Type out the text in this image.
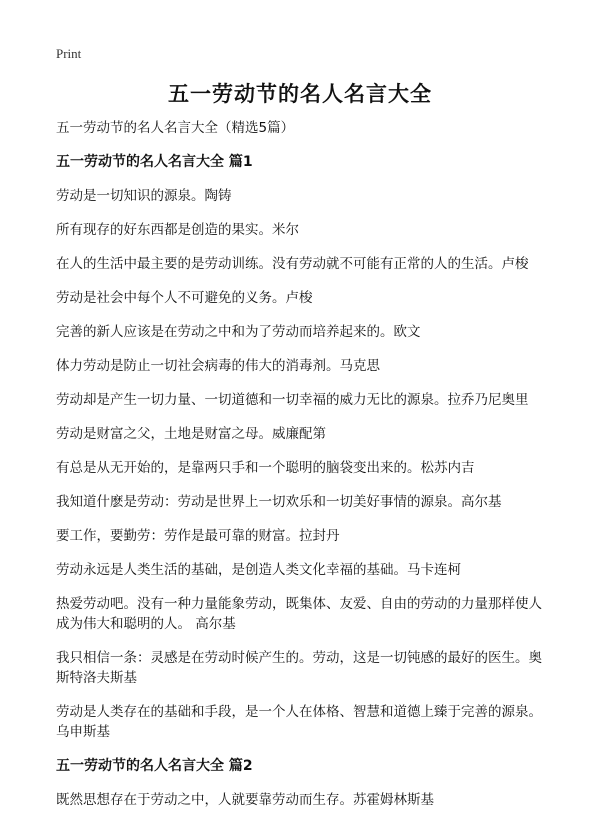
Print
五一劳动节的名人名言大全

五一劳动节的名人名言大全（精选5篇）

五一劳动节的名人名言大全 篇1

劳动是一切知识的源泉。陶铸

所有现存的好东西都是创造的果实。米尔

在人的生活中最主要的是劳动训练。没有劳动就不可能有正常的人的生活。卢梭

劳动是社会中每个人不可避免的义务。卢梭

完善的新人应该是在劳动之中和为了劳动而培养起来的。欧文

体力劳动是防止一切社会病毒的伟大的消毒剂。马克思

劳动却是产生一切力量、一切道德和一切幸福的威力无比的源泉。拉乔乃尼奥里

劳动是财富之父，土地是财富之母。威廉配第

有总是从无开始的，是靠两只手和一个聪明的脑袋变出来的。松苏内吉

我知道什麽是劳动：劳动是世界上一切欢乐和一切美好事情的源泉。高尔基

要工作，要勤劳：劳作是最可靠的财富。拉封丹

劳动永远是人类生活的基础，是创造人类文化幸福的基础。马卡连柯

热爱劳动吧。没有一种力量能象劳动，既集体、友爱、自由的劳动的力量那样使人成为伟大和聪明的人。 高尔基

我只相信一条：灵感是在劳动时候产生的。劳动，这是一切钝感的最好的医生。奥斯特洛夫斯基

劳动是人类存在的基础和手段，是一个人在体格、智慧和道德上臻于完善的源泉。乌申斯基

五一劳动节的名人名言大全 篇2

既然思想存在于劳动之中，人就要靠劳动而生存。苏霍姆林斯基
